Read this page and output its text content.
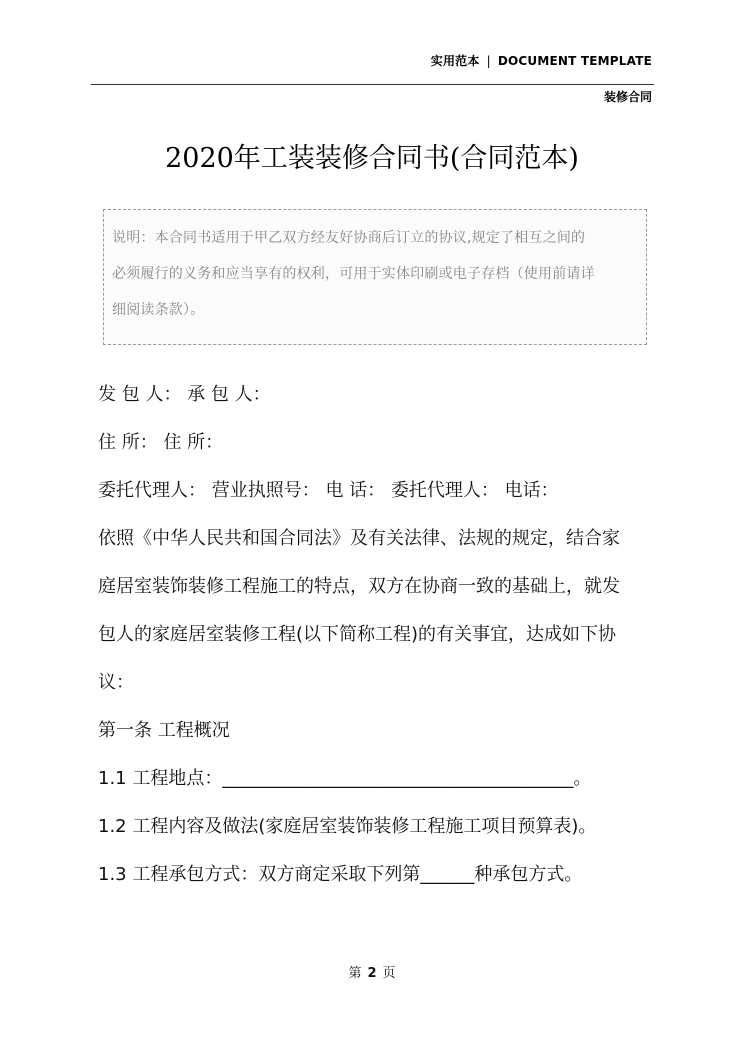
实用范本 | DOCUMENT TEMPLATE
装修合同
2020年工装装修合同书(合同范本)
说明：本合同书适用于甲乙双方经友好协商后订立的协议,规定了相互之间的
必须履行的义务和应当享有的权利，可用于实体印刷或电子存档（使用前请详
细阅读条款）。
发 包 人： 承 包 人：
住 所： 住 所：
委托代理人： 营业执照号： 电 话： 委托代理人： 电话：
依照《中华人民共和国合同法》及有关法律、法规的规定，结合家
庭居室装饰装修工程施工的特点，双方在协商一致的基础上，就发
包人的家庭居室装修工程(以下简称工程)的有关事宜，达成如下协
议：
第一条 工程概况
1.1 工程地点：_______________________________________。
1.2 工程内容及做法(家庭居室装饰装修工程施工项目预算表)。
1.3 工程承包方式：双方商定采取下列第______种承包方式。
第 2 页
